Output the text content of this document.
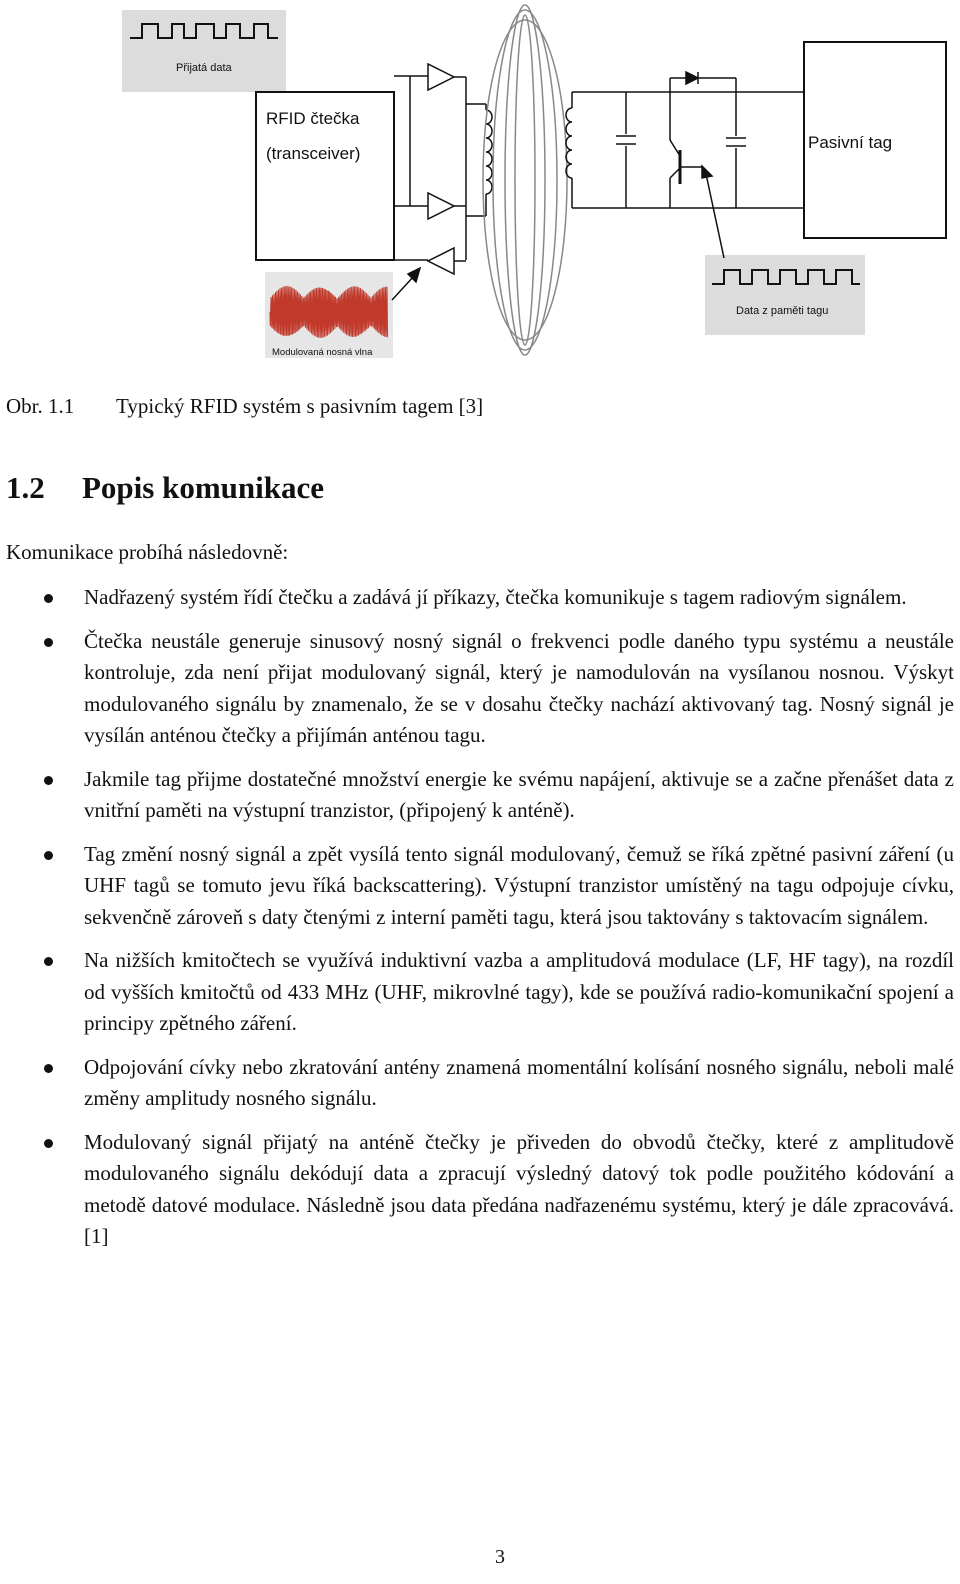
Přijatá data
RFID čtečka
(transceiver)
Pasivní tag
Data z paměti tagu
Modulovaná nosná vlna
Obr. 1.1 Typický RFID systém s pasivním tagem [3]
1.2 Popis komunikace
Komunikace probíhá následovně:
Nadřazený systém řídí čtečku a zadává jí příkazy, čtečka komunikuje s tagem radiovým signálem.
Čtečka neustále generuje sinusový nosný signál o frekvenci podle daného typu systému a neustále kontroluje, zda není přijat modulovaný signál, který je namodulován na vysílanou nosnou. Výskyt modulovaného signálu by znamenalo, že se v dosahu čtečky nachází aktivovaný tag. Nosný signál je vysílán anténou čtečky a přijímán anténou tagu.
Jakmile tag přijme dostatečné množství energie ke svému napájení, aktivuje se a začne přenášet data z vnitřní paměti na výstupní tranzistor, (připojený k anténě).
Tag změní nosný signál a zpět vysílá tento signál modulovaný, čemuž se říká zpětné pasivní záření (u UHF tagů se tomuto jevu říká backscattering). Výstupní tranzistor umístěný na tagu odpojuje cívku, sekvenčně zároveň s daty čtenými z interní paměti tagu, která jsou taktovány s taktovacím signálem.
Na nižších kmitočtech se využívá induktivní vazba a amplitudová modulace (LF, HF tagy), na rozdíl od vyšších kmitočtů od 433 MHz (UHF, mikrovlné tagy), kde se používá radio-komunikační spojení a principy zpětného záření.
Odpojování cívky nebo zkratování antény znamená momentální kolísání nosného signálu, neboli malé změny amplitudy nosného signálu.
Modulovaný signál přijatý na anténě čtečky je přiveden do obvodů čtečky, které z amplitudově modulovaného signálu dekódují data a zpracují výsledný datový tok podle použitého kódování a metodě datové modulace. Následně jsou data předána nadřazenému systému, který je dále zpracovává. [1]
3
